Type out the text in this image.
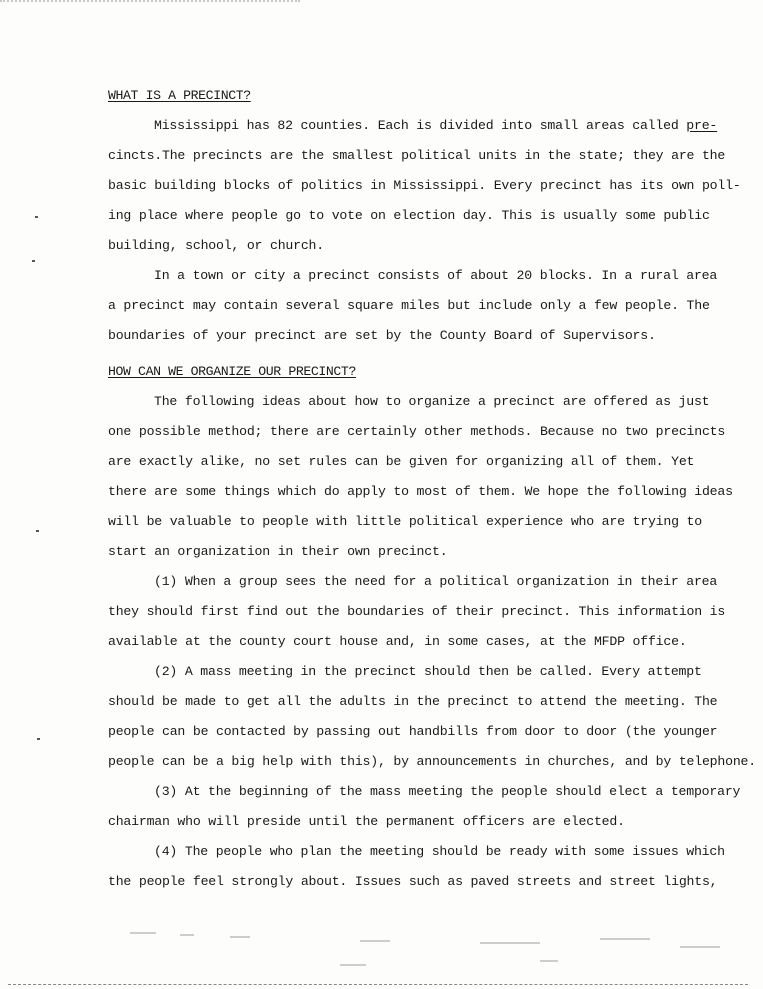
WHAT IS A PRECINCT?
Mississippi has 82 counties. Each is divided into small areas called pre-
cincts.The precincts are the smallest political units in the state; they are the
basic building blocks of politics in Mississippi. Every precinct has its own poll-
ing place where people go to vote on election day. This is usually some public
building, school, or church.
In a town or city a precinct consists of about 20 blocks. In a rural area
a precinct may contain several square miles but include only a few people. The
boundaries of your precinct are set by the County Board of Supervisors.
HOW CAN WE ORGANIZE OUR PRECINCT?
The following ideas about how to organize a precinct are offered as just
one possible method; there are certainly other methods. Because no two precincts
are exactly alike, no set rules can be given for organizing all of them. Yet
there are some things which do apply to most of them. We hope the following ideas
will be valuable to people with little political experience who are trying to
start an organization in their own precinct.
(1) When a group sees the need for a political organization in their area
they should first find out the boundaries of their precinct. This information is
available at the county court house and, in some cases, at the MFDP office.
(2) A mass meeting in the precinct should then be called. Every attempt
should be made to get all the adults in the precinct to attend the meeting. The
people can be contacted by passing out handbills from door to door (the younger
people can be a big help with this), by announcements in churches, and by telephone.
(3) At the beginning of the mass meeting the people should elect a temporary
chairman who will preside until the permanent officers are elected.
(4) The people who plan the meeting should be ready with some issues which
the people feel strongly about. Issues such as paved streets and street lights,
